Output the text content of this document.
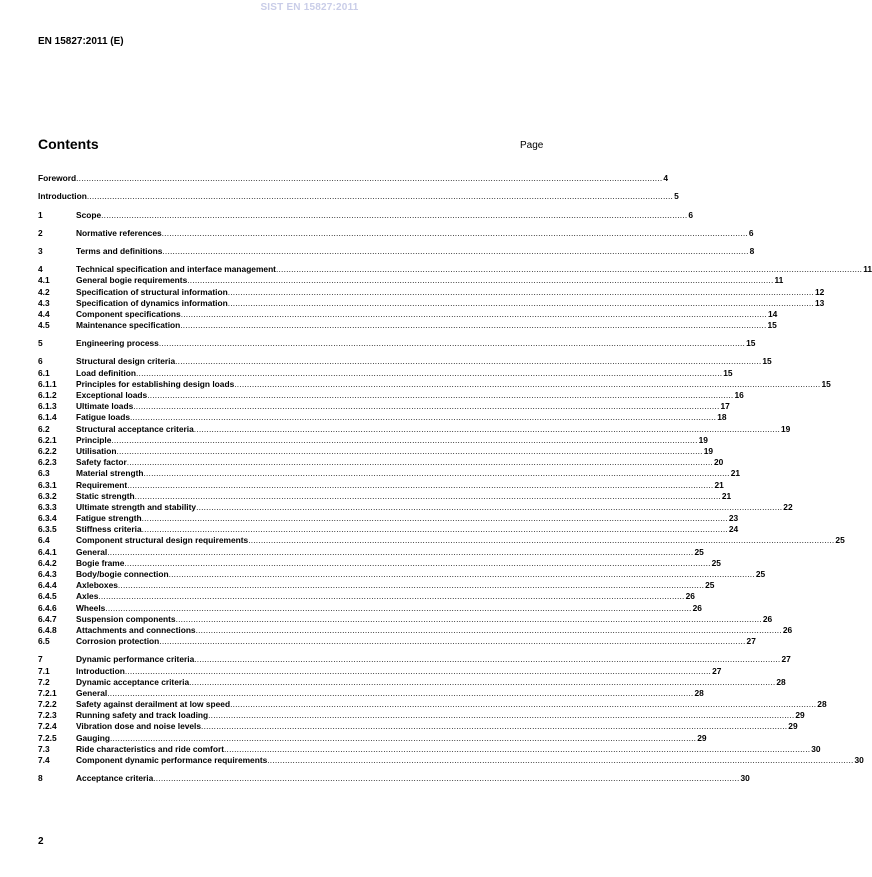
SIST EN 15827:2011
EN 15827:2011 (E)
Contents	Page
Foreword .....	4
Introduction .....	5
1	Scope .....	6
2	Normative references .....	6
3	Terms and definitions .....	8
4	Technical specification and interface management .....	11
4.1	General bogie requirements .....	11
4.2	Specification of structural information .....	12
4.3	Specification of dynamics information .....	13
4.4	Component specifications .....	14
4.5	Maintenance specification .....	15
5	Engineering process .....	15
6	Structural design criteria .....	15
6.1	Load definition .....	15
6.1.1	Principles for establishing design loads .....	15
6.1.2	Exceptional loads .....	16
6.1.3	Ultimate loads .....	17
6.1.4	Fatigue loads .....	18
6.2	Structural acceptance criteria .....	19
6.2.1	Principle .....	19
6.2.2	Utilisation .....	19
6.2.3	Safety factor .....	20
6.3	Material strength .....	21
6.3.1	Requirement .....	21
6.3.2	Static strength .....	21
6.3.3	Ultimate strength and stability .....	22
6.3.4	Fatigue strength .....	23
6.3.5	Stiffness criteria .....	24
6.4	Component structural design requirements .....	25
6.4.1	General .....	25
6.4.2	Bogie frame .....	25
6.4.3	Body/bogie connection .....	25
6.4.4	Axleboxes .....	25
6.4.5	Axles .....	26
6.4.6	Wheels .....	26
6.4.7	Suspension components .....	26
6.4.8	Attachments and connections .....	26
6.5	Corrosion protection .....	27
7	Dynamic performance criteria .....	27
7.1	Introduction .....	27
7.2	Dynamic acceptance criteria .....	28
7.2.1	General .....	28
7.2.2	Safety against derailment at low speed .....	28
7.2.3	Running safety and track loading .....	29
7.2.4	Vibration dose and noise levels .....	29
7.2.5	Gauging .....	29
7.3	Ride characteristics and ride comfort .....	30
7.4	Component dynamic performance requirements .....	30
8	Acceptance criteria .....	30
2
